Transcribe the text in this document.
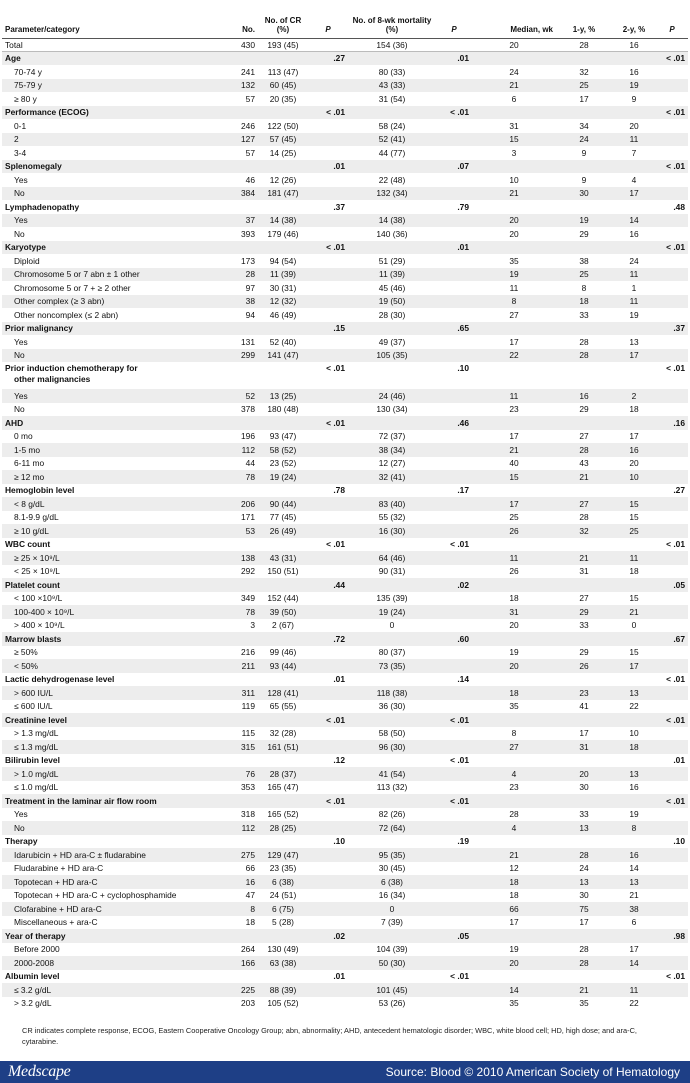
Parameter/category	No.	No. of CR (%)	P	No. of 8-wk mortality (%)	P	Median, wk	1-y, %	2-y, %	P
Total	430	193 (45)		154 (36)		20	28	16	
Age			.27		.01				< .01
70-74 y	241	113 (47)		80 (33)		24	32	16	
75-79 y	132	60 (45)		43 (33)		21	25	19	
≥ 80 y	57	20 (35)		31 (54)		6	17	9	
Performance (ECOG)			< .01		< .01				< .01
0-1	246	122 (50)		58 (24)		31	34	20	
2	127	57 (45)		52 (41)		15	24	11	
3-4	57	14 (25)		44 (77)		3	9	7	
Splenomegaly			.01		.07				< .01
Yes	46	12 (26)		22 (48)		10	9	4	
No	384	181 (47)		132 (34)		21	30	17	
Lymphadenopathy			.37		.79				.48
Yes	37	14 (38)		14 (38)		20	19	14	
No	393	179 (46)		140 (36)		20	29	16	
Karyotype			< .01		.01				< .01
Diploid	173	94 (54)		51 (29)		35	38	24	
Chromosome 5 or 7 abn ± 1 other	28	11 (39)		11 (39)		19	25	11	
Chromosome 5 or 7 + ≥ 2 other	97	30 (31)		45 (46)		11	8	1	
Other complex (≥ 3 abn)	38	12 (32)		19 (50)		8	18	11	
Other noncomplex (≤ 2 abn)	94	46 (49)		28 (30)		27	33	19	
Prior malignancy			.15		.65				.37
Yes	131	52 (40)		49 (37)		17	28	13	
No	299	141 (47)		105 (35)		22	28	17	

Prior induction chemotherapy for
other malignancies			< .01		.10				< .01
Yes	52	13 (25)		24 (46)		11	16	2	
No	378	180 (48)		130 (34)		23	29	18	
AHD			< .01		.46				.16
0 mo	196	93 (47)		72 (37)		17	27	17	
1-5 mo	112	58 (52)		38 (34)		21	28	16	
6-11 mo	44	23 (52)		12 (27)		40	43	20	
≥ 12 mo	78	19 (24)		32 (41)		15	21	10	
Hemoglobin level			.78		.17				.27
< 8 g/dL	206	90 (44)		83 (40)		17	27	15	
8.1-9.9 g/dL	171	77 (45)		55 (32)		25	28	15	
≥ 10 g/dL	53	26 (49)		16 (30)		26	32	25	
WBC count			< .01		< .01				< .01
≥ 25 × 10⁹/L	138	43 (31)		64 (46)		11	21	11	
< 25 × 10⁹/L	292	150 (51)		90 (31)		26	31	18	
Platelet count			.44		.02				.05
< 100 ×10⁹/L	349	152 (44)		135 (39)		18	27	15	
100-400 × 10⁹/L	78	39 (50)		19 (24)		31	29	21	
> 400 × 10⁹/L	3	2 (67)		0		20	33	0	
Marrow blasts			.72		.60				.67
≥ 50%	216	99 (46)		80 (37)		19	29	15	
< 50%	211	93 (44)		73 (35)		20	26	17	
Lactic dehydrogenase level			.01		.14				< .01
> 600 IU/L	311	128 (41)		118 (38)		18	23	13	
≤ 600 IU/L	119	65 (55)		36 (30)		35	41	22	
Creatinine level			< .01		< .01				< .01
> 1.3 mg/dL	115	32 (28)		58 (50)		8	17	10	
≤ 1.3 mg/dL	315	161 (51)		96 (30)		27	31	18	
Bilirubin level			.12		< .01				.01
> 1.0 mg/dL	76	28 (37)		41 (54)		4	20	13	
≤ 1.0 mg/dL	353	165 (47)		113 (32)		23	30	16	
Treatment in the laminar air flow room			< .01		< .01				< .01
Yes	318	165 (52)		82 (26)		28	33	19	
No	112	28 (25)		72 (64)		4	13	8	
Therapy			.10		.19				.10
Idarubicin + HD ara-C ± fludarabine	275	129 (47)		95 (35)		21	28	16	
Fludarabine + HD ara-C	66	23 (35)		30 (45)		12	24	14	
Topotecan + HD ara-C	16	6 (38)		6 (38)		18	13	13	
Topotecan + HD ara-C + cyclophosphamide	47	24 (51)		16 (34)		18	30	21	
Clofarabine + HD ara-C	8	6 (75)		0		66	75	38	
Miscellaneous + ara-C	18	5 (28)		7 (39)		17	17	6	
Year of therapy			.02		.05				.98
Before 2000	264	130 (49)		104 (39)		19	28	17	
2000-2008	166	63 (38)		50 (30)		20	28	14	
Albumin level			.01		< .01				< .01
≤ 3.2 g/dL	225	88 (39)		101 (45)		14	21	11	
> 3.2 g/dL	203	105 (52)		53 (26)		35	35	22	
CR indicates complete response, ECOG, Eastern Cooperative Oncology Group; abn, abnormality; AHD, antecedent hematologic disorder; WBC, white blood cell; HD, high dose; and ara-C, cytarabine.
Medscape	Source: Blood © 2010 American Society of Hematology
